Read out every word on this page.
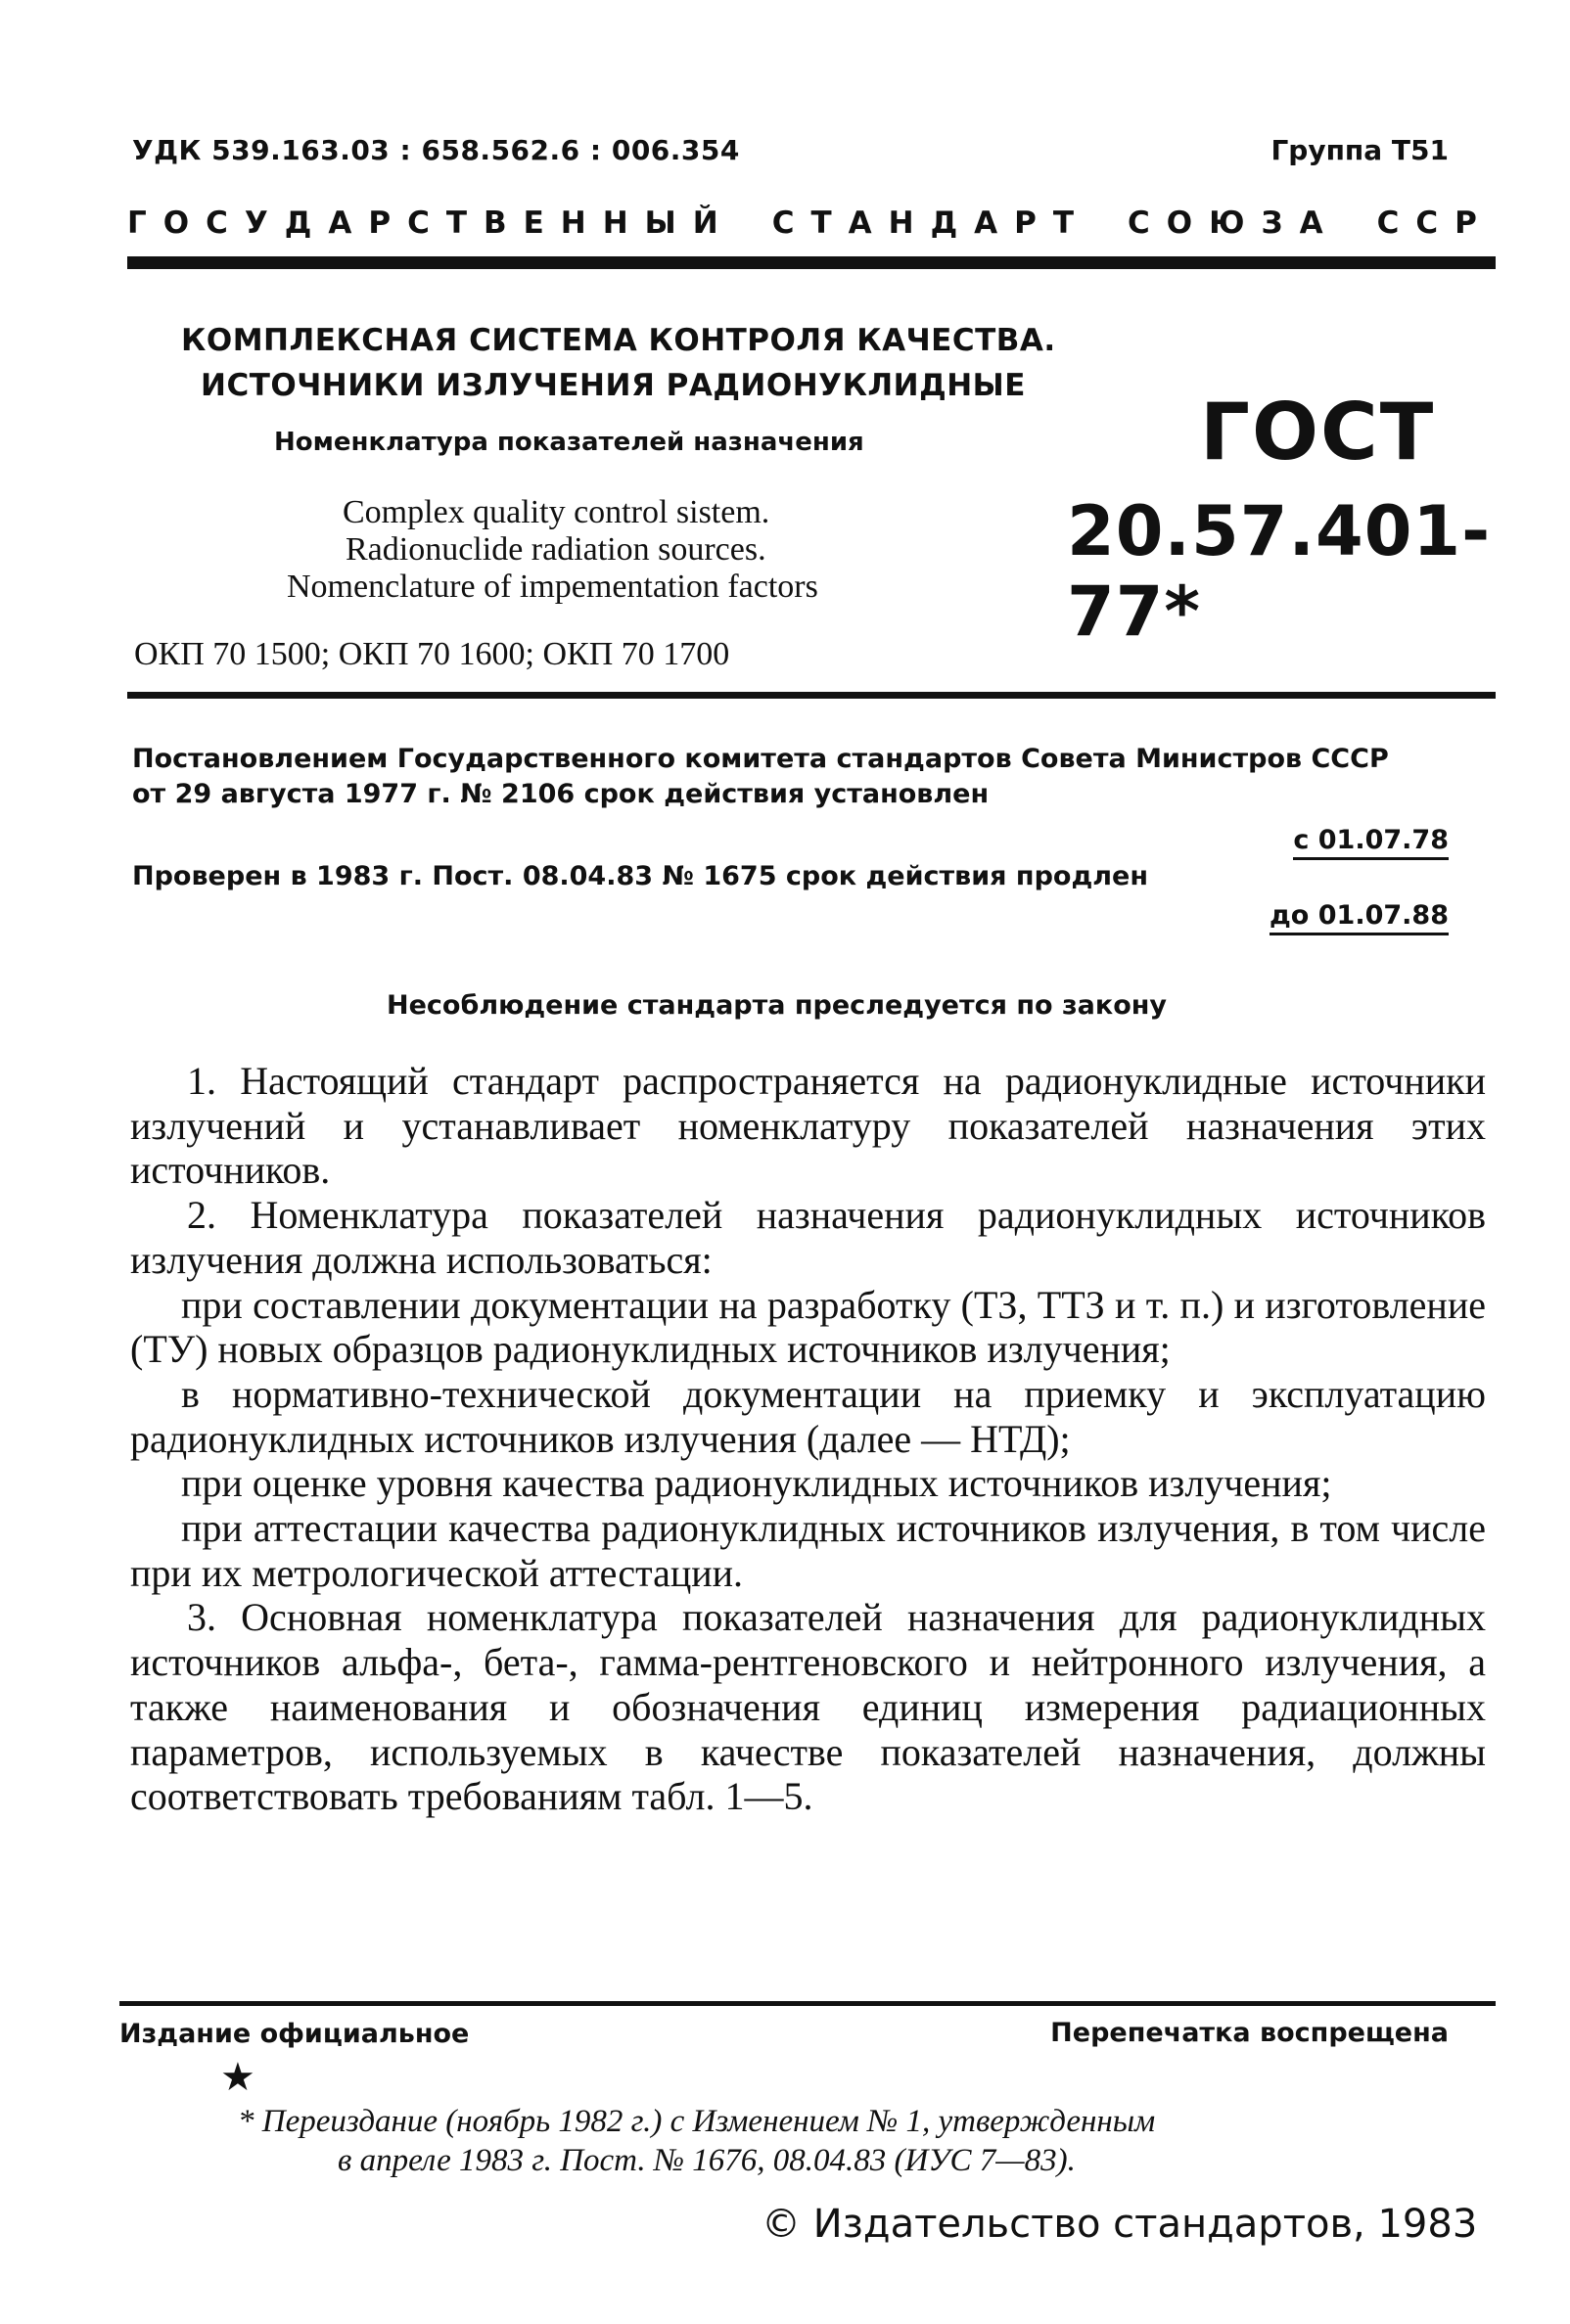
УДК 539.163.03 : 658.562.6 : 006.354	Группа Т51
ГОСУДАРСТВЕННЫЙ СТАНДАРТ СОЮЗА ССР
КОМПЛЕКСНАЯ СИСТЕМА КОНТРОЛЯ КАЧЕСТВА.
ИСТОЧНИКИ ИЗЛУЧЕНИЯ РАДИОНУКЛИДНЫЕ
Номенклатура показателей назначения
Complex quality control sistem.
Radionuclide radiation sources.
Nomenclature of impementation factors
ГОСТ
20.57.401-77*
ОКП 70 1500; ОКП 70 1600; ОКП 70 1700
Постановлением Государственного комитета стандартов Совета Министров СССР
от 29 августа 1977 г. № 2106 срок действия установлен
с 01.07.78
Проверен в 1983 г. Пост. 08.04.83 № 1675 срок действия продлен
до 01.07.88
Несоблюдение стандарта преследуется по закону

1. Настоящий стандарт распространяется на радионуклидные источники излучений и устанавливает номенклатуру показателей назначения этих источников.

2. Номенклатура показателей назначения радионуклидных источников излучения должна использоваться:

при составлении документации на разработку (ТЗ, ТТЗ и т. п.) и изготовление (ТУ) новых образцов радионуклидных источников излучения;

в нормативно-технической документации на приемку и эксплуатацию радионуклидных источников излучения (далее — НТД);

при оценке уровня качества радионуклидных источников излучения;

при аттестации качества радионуклидных источников излучения, в том числе при их метрологической аттестации.

3. Основная номенклатура показателей назначения для радионуклидных источников альфа-, бета-, гамма-рентгеновского и нейтронного излучения, а также наименования и обозначения единиц измерения радиационных параметров, используемых в качестве показателей назначения, должны соответствовать требованиям табл. 1—5.

Издание официальное	Перепечатка воспрещена
★
* Переиздание (ноябрь 1982 г.) с Изменением № 1, утвержденным
в апреле 1983 г. Пост. № 1676, 08.04.83 (ИУС 7—83).
© Издательство стандартов, 1983
